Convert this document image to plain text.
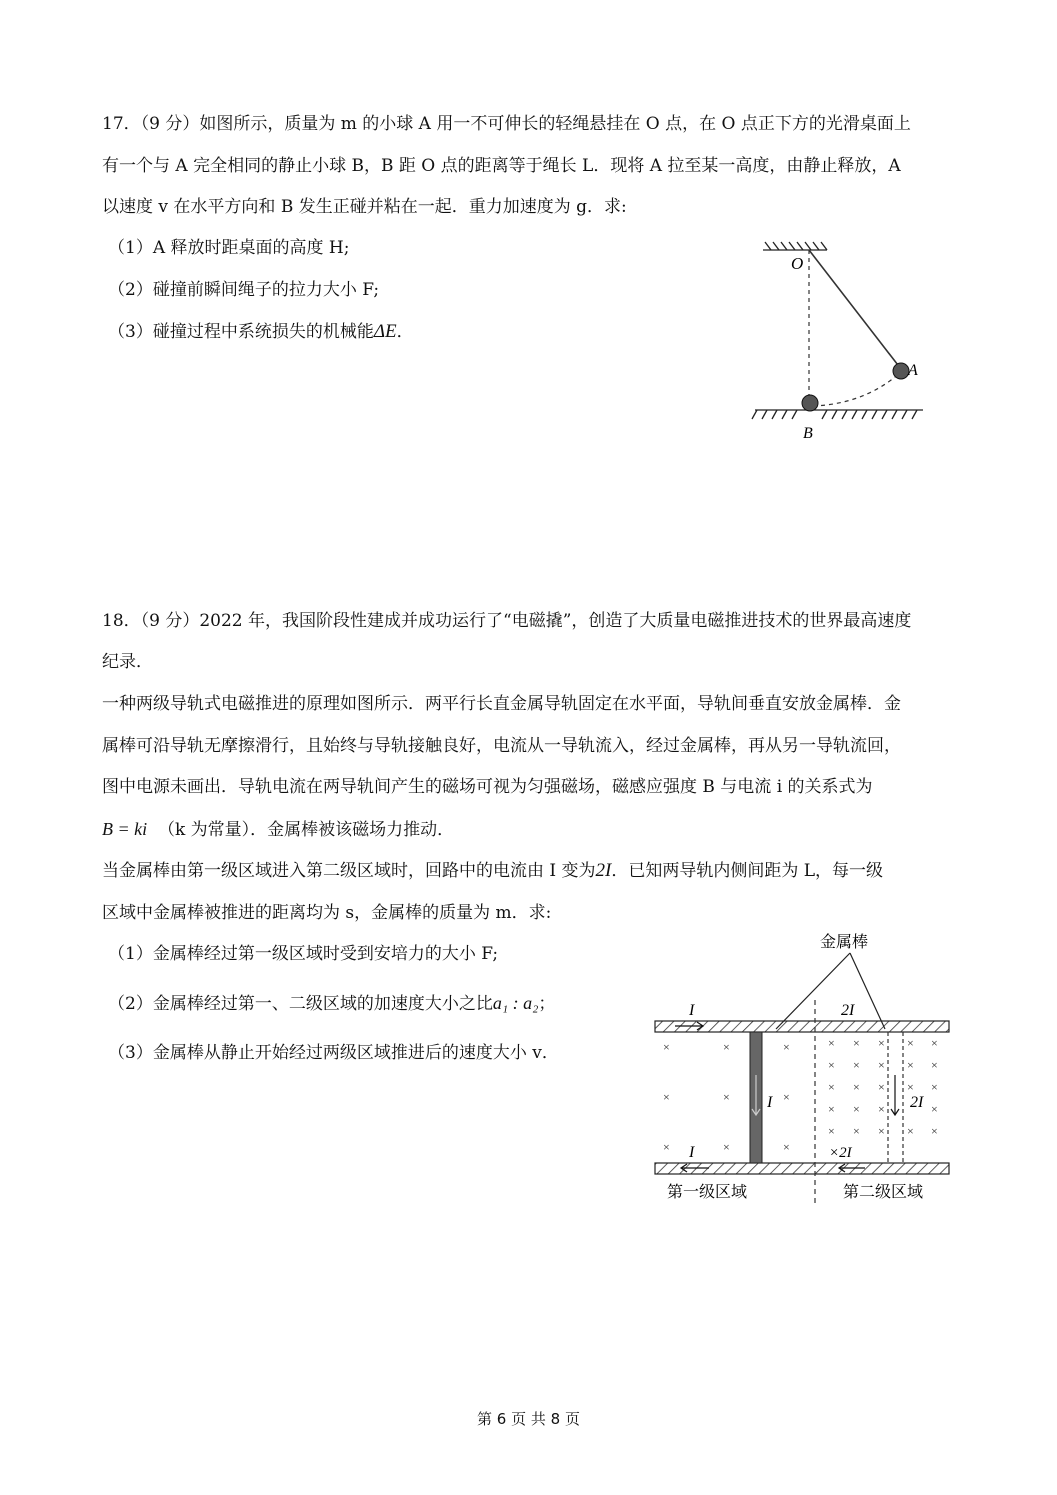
17．（9 分）如图所示，质量为 m 的小球 A 用一不可伸长的轻绳悬挂在 O 点，在 O 点正下方的光滑桌面上
有一个与 A 完全相同的静止小球 B，B 距 O 点的距离等于绳长 L．现将 A 拉至某一高度，由静止释放，A
以速度 v 在水平方向和 B 发生正碰并粘在一起．重力加速度为 g．求:
（1）A 释放时距桌面的高度 H;
（2）碰撞前瞬间绳子的拉力大小 F;
（3）碰撞过程中系统损失的机械能ΔE．
O
A
B
18．（9 分）2022 年，我国阶段性建成并成功运行了“电磁撬”，创造了大质量电磁推进技术的世界最高速度
纪录．
一种两级导轨式电磁推进的原理如图所示．两平行长直金属导轨固定在水平面，导轨间垂直安放金属棒．金
属棒可沿导轨无摩擦滑行，且始终与导轨接触良好，电流从一导轨流入，经过金属棒，再从另一导轨流回，
图中电源未画出．导轨电流在两导轨间产生的磁场可视为匀强磁场，磁感应强度 B 与电流 i 的关系式为
B = ki （k 为常量）．金属棒被该磁场力推动．
当金属棒由第一级区域进入第二级区域时，回路中的电流由 I 变为2I．已知两导轨内侧间距为 L，每一级
区域中金属棒被推进的距离均为 s，金属棒的质量为 m．求:
（1）金属棒经过第一级区域时受到安培力的大小 F;
（2）金属棒经过第一、二级区域的加速度大小之比a₁ : a₂；
（3）金属棒从静止开始经过两级区域推进后的速度大小 v．	×	×	×
×	×	×
×	×	×
× × × × ×
× × × × ×
× × × × ×
× × ×	×
× × × × ×
金属棒
I	2I
I	2I
I	×2I
第一级区域	第二级区域
第 6 页 共 8 页
